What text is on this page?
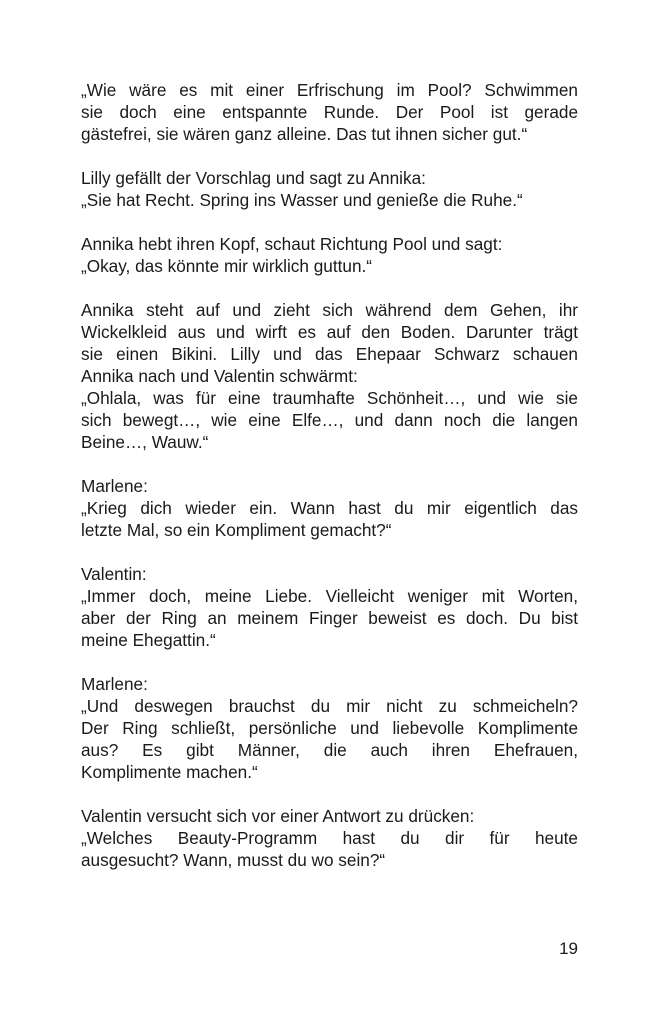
„Wie wäre es mit einer Erfrischung im Pool? Schwimmen
sie doch eine entspannte Runde. Der Pool ist gerade
gästefrei, sie wären ganz alleine. Das tut ihnen sicher gut.“

Lilly gefällt der Vorschlag und sagt zu Annika:
„Sie hat Recht. Spring ins Wasser und genieße die Ruhe.“

Annika hebt ihren Kopf, schaut Richtung Pool und sagt:
„Okay, das könnte mir wirklich guttun.“

Annika steht auf und zieht sich während dem Gehen, ihr
Wickelkleid aus und wirft es auf den Boden. Darunter trägt
sie einen Bikini. Lilly und das Ehepaar Schwarz schauen
Annika nach und Valentin schwärmt:
„Ohlala, was für eine traumhafte Schönheit…, und wie sie
sich bewegt…, wie eine Elfe…, und dann noch die langen
Beine…, Wauw.“

Marlene:
„Krieg dich wieder ein. Wann hast du mir eigentlich das
letzte Mal, so ein Kompliment gemacht?“

Valentin:
„Immer doch, meine Liebe. Vielleicht weniger mit Worten,
aber der Ring an meinem Finger beweist es doch. Du bist
meine Ehegattin.“

Marlene:
„Und deswegen brauchst du mir nicht zu schmeicheln?
Der Ring schließt, persönliche und liebevolle Komplimente
aus? Es gibt Männer, die auch ihren Ehefrauen,
Komplimente machen.“

Valentin versucht sich vor einer Antwort zu drücken:
„Welches Beauty-Programm hast du dir für heute
ausgesucht? Wann, musst du wo sein?“

19
